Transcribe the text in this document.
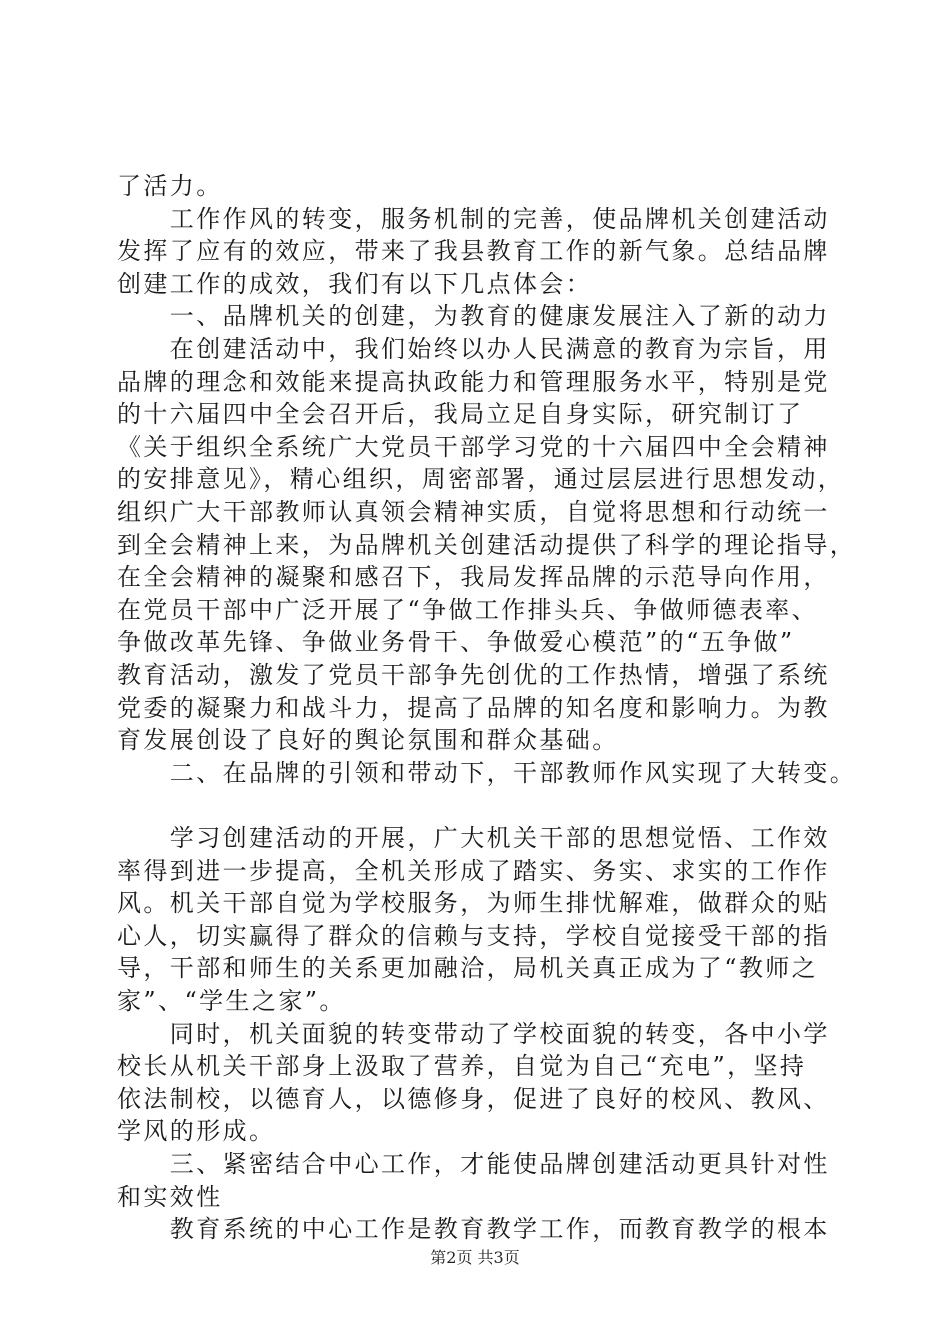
了活力。
　　工作作风的转变，服务机制的完善，使品牌机关创建活动
发挥了应有的效应，带来了我县教育工作的新气象。总结品牌
创建工作的成效，我们有以下几点体会：
　　一、品牌机关的创建，为教育的健康发展注入了新的动力
　　在创建活动中，我们始终以办人民满意的教育为宗旨，用
品牌的理念和效能来提高执政能力和管理服务水平，特别是党
的十六届四中全会召开后，我局立足自身实际，研究制订了
《关于组织全系统广大党员干部学习党的十六届四中全会精神
的安排意见》，精心组织，周密部署，通过层层进行思想发动，
组织广大干部教师认真领会精神实质，自觉将思想和行动统一
到全会精神上来，为品牌机关创建活动提供了科学的理论指导，
在全会精神的凝聚和感召下，我局发挥品牌的示范导向作用，
在党员干部中广泛开展了“争做工作排头兵、争做师德表率、
争做改革先锋、争做业务骨干、争做爱心模范”的“五争做”
教育活动，激发了党员干部争先创优的工作热情，增强了系统
党委的凝聚力和战斗力，提高了品牌的知名度和影响力。为教
育发展创设了良好的舆论氛围和群众基础。
　　二、在品牌的引领和带动下，干部教师作风实现了大转变。
　　学习创建活动的开展，广大机关干部的思想觉悟、工作效
率得到进一步提高，全机关形成了踏实、务实、求实的工作作
风。机关干部自觉为学校服务，为师生排忧解难，做群众的贴
心人，切实赢得了群众的信赖与支持，学校自觉接受干部的指
导，干部和师生的关系更加融洽，局机关真正成为了“教师之
家”、“学生之家”。
　　同时，机关面貌的转变带动了学校面貌的转变，各中小学
校长从机关干部身上汲取了营养，自觉为自己“充电”，坚持
依法制校，以德育人，以德修身，促进了良好的校风、教风、
学风的形成。
　　三、紧密结合中心工作，才能使品牌创建活动更具针对性
和实效性
　　教育系统的中心工作是教育教学工作，而教育教学的根本
第2页 共3页
